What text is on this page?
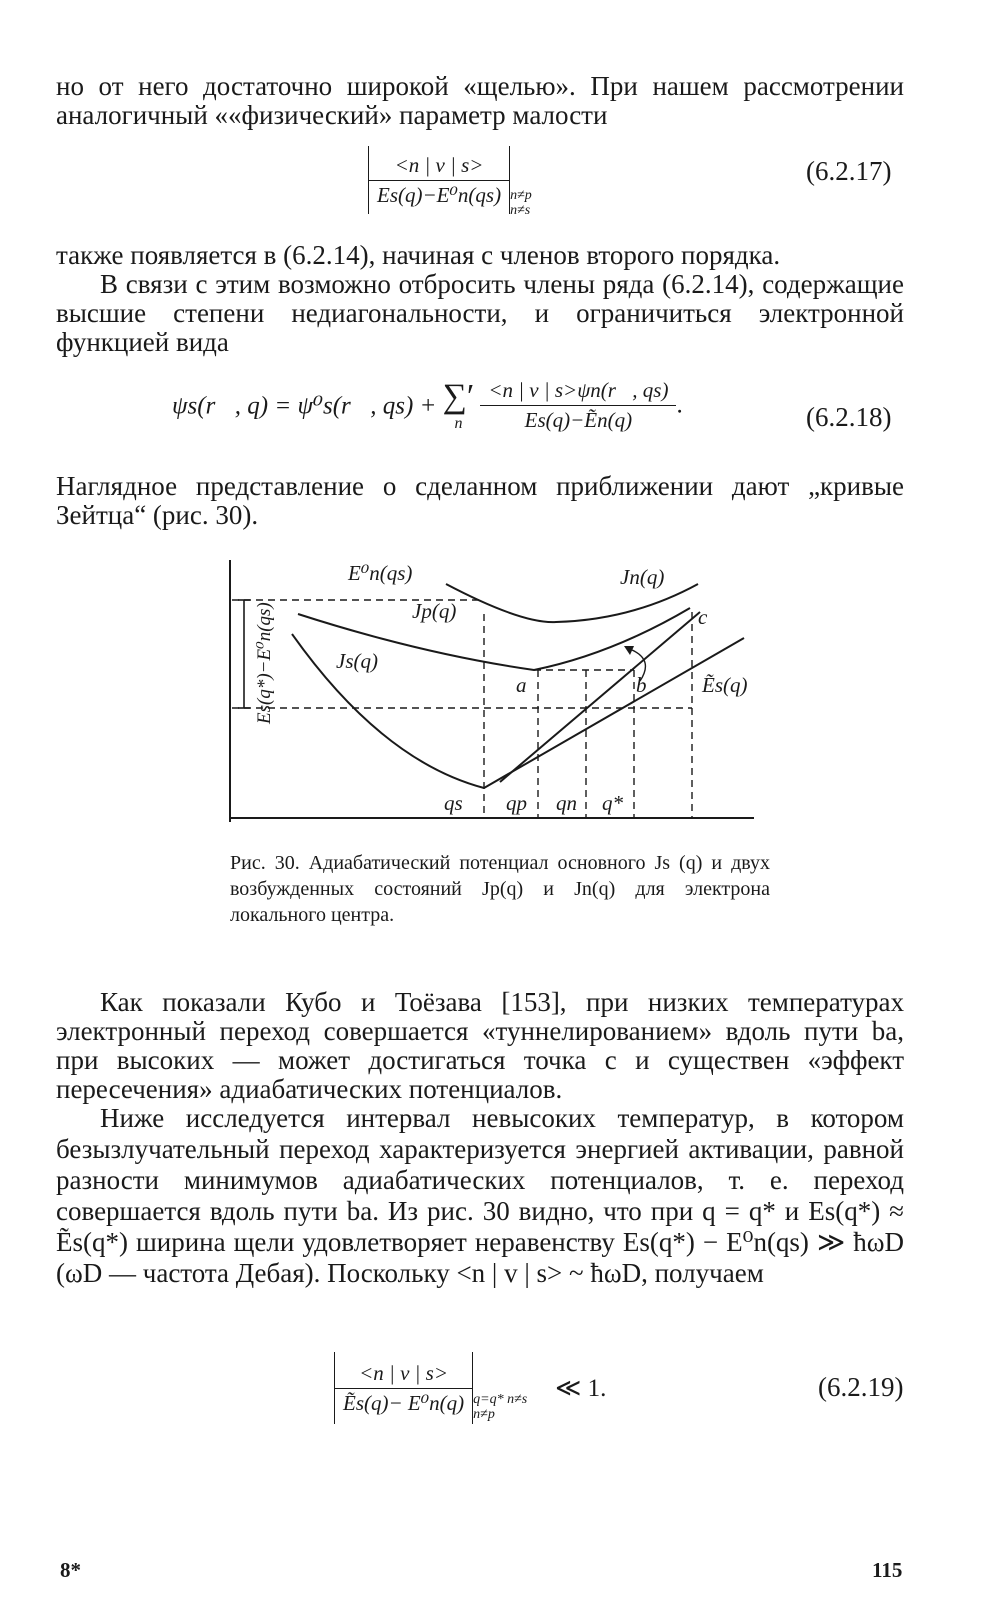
но от него достаточно широкой «щелью». При нашем рассмотрении аналогичный ««физический» параметр малости
$\frac{<n | v | s>}{\text{Es(q)−E⁰n(qs)}} n\ne p$ n≠s
(6.2.17)
также появляется в (6.2.14), начиная с членов второго порядка.
В связи с этим возможно отбросить члены ряда (6.2.14), содержащие высшие степени недиагональности, и ограничиться электронной функцией вида
ψs(r⃗, q) = ψ⁰s(r⃗, qs) + ∑′
n $\frac{<n | v | s>\psi n(r⃗, qs)}{\text{Es(q)−Ẽn(q)}}$ .	(6.2.18)
Наглядное представление о сделанном приближении дают „кривые Зейтца“ (рис. 30).
E⁰n(qs)	Jn(q)
Jp(q)
Js(q)
c
a	b	Ẽs(q)
Es(q*)−E⁰n(qs)
qs qp qn q*
Рис. 30. Адиабатический потенциал основного Js (q) и двух возбужденных состояний Jp(q) и Jn(q) для электрона локального центра.
Как показали Кубо и Тоёзава [153], при низких температурах электронный переход совершается «туннелированием» вдоль пути ba, при высоких — может достигаться точка c и существен «эффект пересечения» адиабатических потенциалов.
Ниже исследуется интервал невысоких температур, в котором безызлучательный переход характеризуется энергией активации, равной разности минимумов адиабатических потенциалов, т. е. переход совершается вдоль пути ba. Из рис. 30 видно, что при q = q* и Es(q*) ≈ Ẽs(q*) ширина щели удовлетворяет неравенству Es(q*) − E⁰n(qs) ≫ ħωD (ωD — частота Дебая). Поскольку <n | v | s> ~ ħωD, получаем
$\frac{<n | v | s>}{\text{Ẽs(q)− E⁰n(q)}} q=q*$ n≠s n≠p≪ 1.	(6.2.19)
8*	115
